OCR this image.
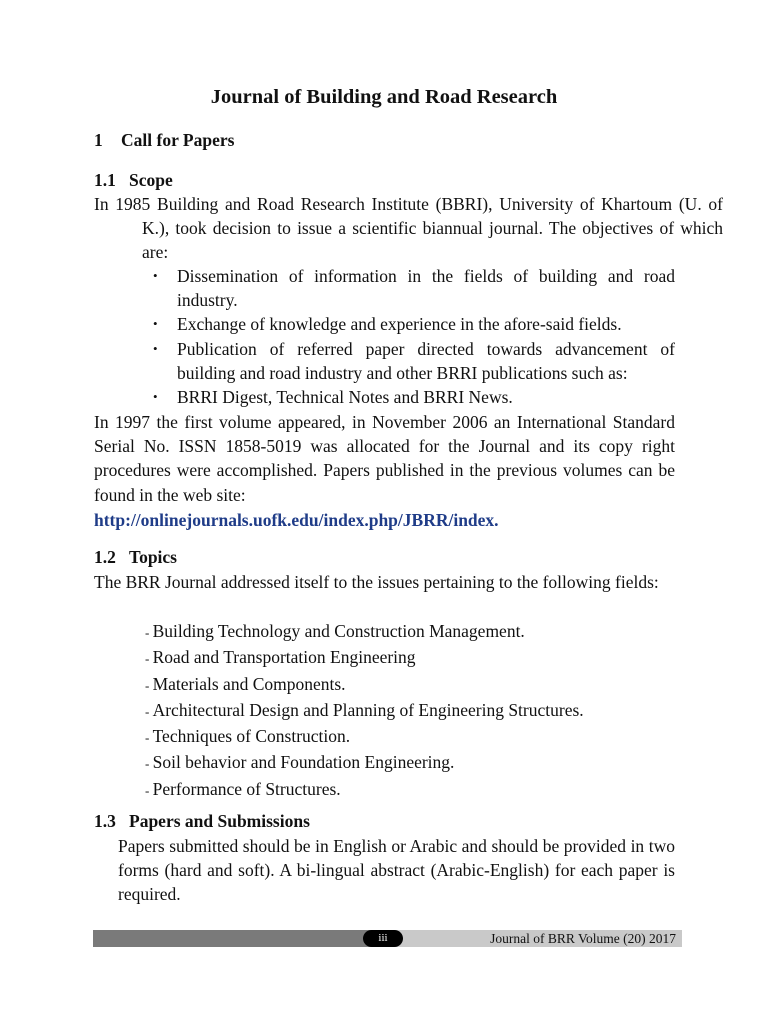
Journal of Building and Road Research
1 Call for Papers
1.1 Scope
In 1985 Building and Road Research Institute (BBRI), University of Khartoum (U. of K.), took decision to issue a scientific biannual journal. The objectives of which are:
• Dissemination of information in the fields of building and road industry.
• Exchange of knowledge and experience in the afore-said fields.
• Publication of referred paper directed towards advancement of building and road industry and other BRRI publications such as:
• BRRI Digest, Technical Notes and BRRI News.
In 1997 the first volume appeared, in November 2006 an International Standard Serial No. ISSN 1858-5019 was allocated for the Journal and its copy right procedures were accomplished. Papers published in the previous volumes can be found in the web site:
http://onlinejournals.uofk.edu/index.php/JBRR/index.
1.2 Topics
The BRR Journal addressed itself to the issues pertaining to the following fields:
- Building Technology and Construction Management.
- Road and Transportation Engineering
- Materials and Components.
- Architectural Design and Planning of Engineering Structures.
- Techniques of Construction.
- Soil behavior and Foundation Engineering.
- Performance of Structures.
1.3 Papers and Submissions
Papers submitted should be in English or Arabic and should be provided in two forms (hard and soft). A bi-lingual abstract (Arabic-English) for each paper is required.
iii	Journal of BRR Volume (20) 2017
